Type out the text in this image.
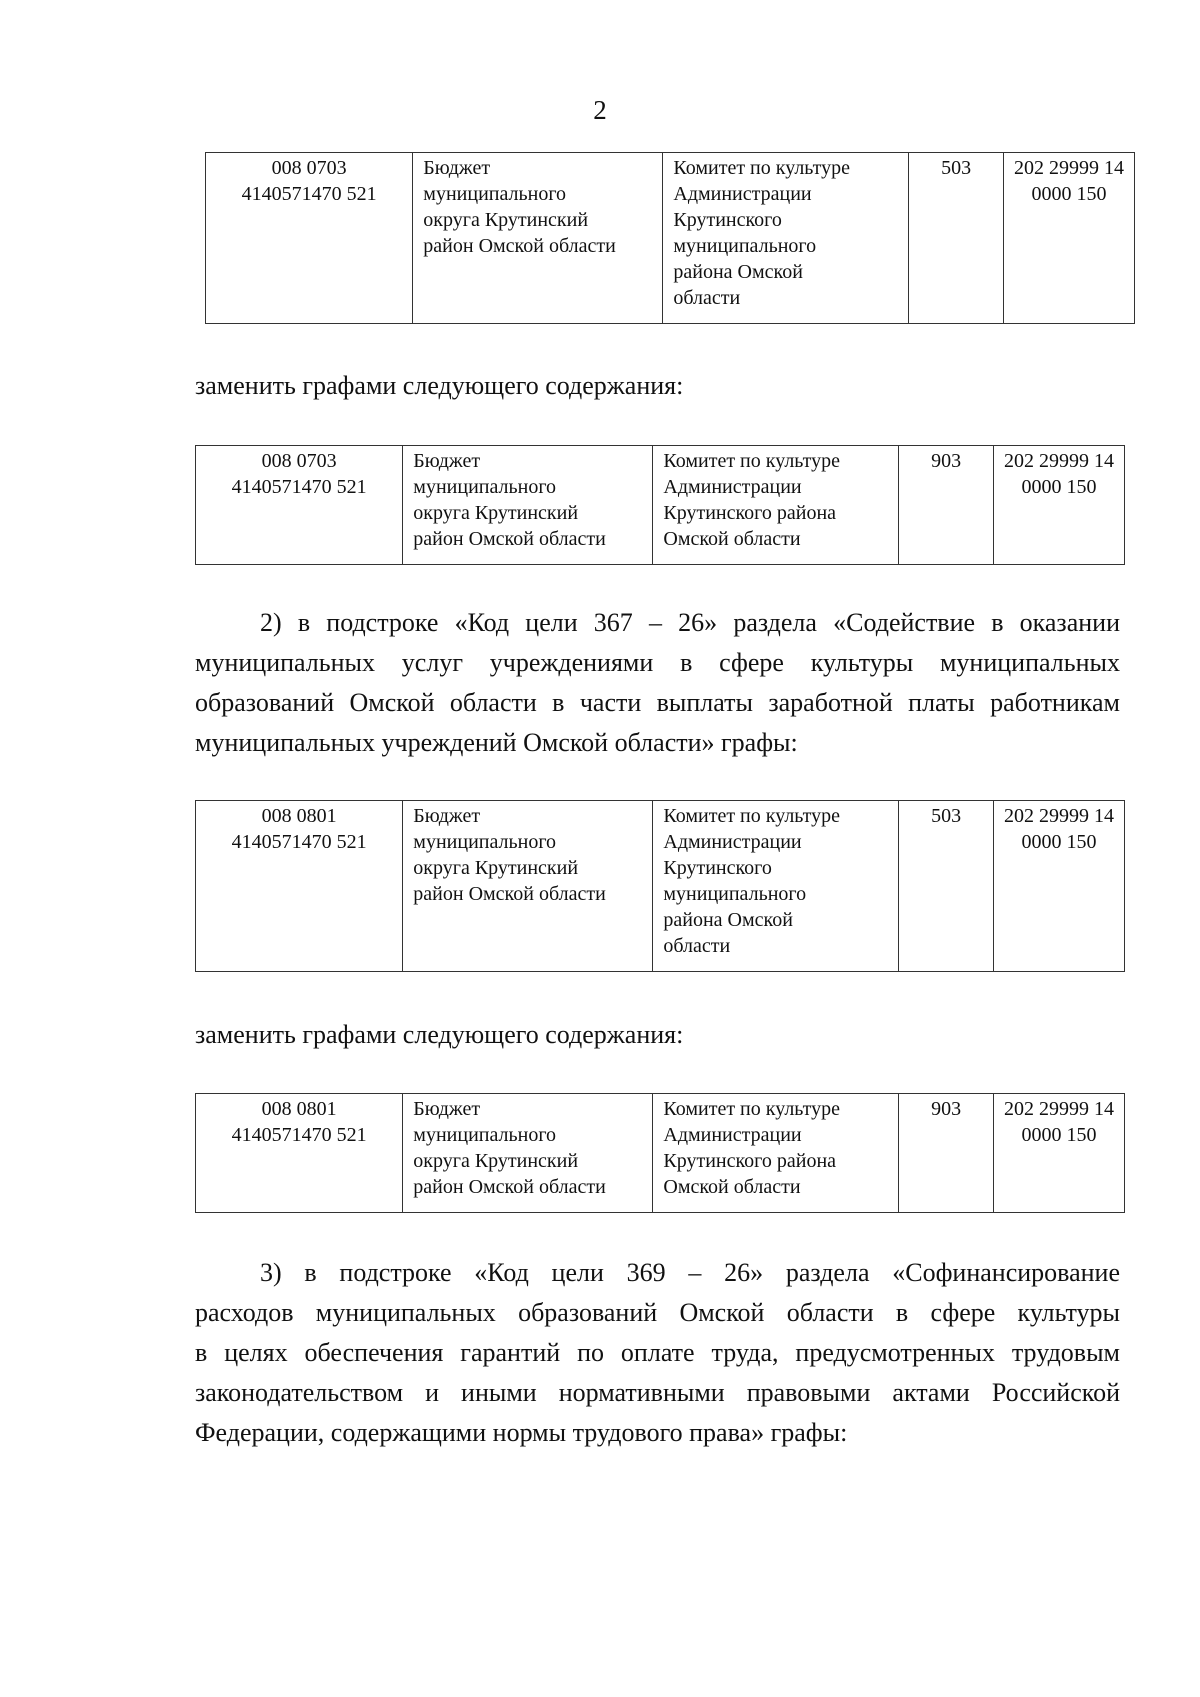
2
008 0703
4140571470 521

Бюджет
муниципального
округа Крутинский
район Омской области

Комитет по культуре
Администрации
Крутинского
муниципального
района Омской
области
	503	202 29999 14
0000 150
заменить графами следующего содержания:
008 0703
4140571470 521

Бюджет
муниципального
округа Крутинский
район Омской области

Комитет по культуре
Администрации
Крутинского района
Омской области
	903	202 29999 14
0000 150
2) в подстроке «Код цели 367 – 26» раздела «Содействие в оказании
муниципальных услуг учреждениями в сфере культуры муниципальных
образований Омской области в части выплаты заработной платы работникам
муниципальных учреждений Омской области» графы:
008 0801
4140571470 521

Бюджет
муниципального
округа Крутинский
район Омской области

Комитет по культуре
Администрации
Крутинского
муниципального
района Омской
области
	503	202 29999 14
0000 150
заменить графами следующего содержания:
008 0801
4140571470 521

Бюджет
муниципального
округа Крутинский
район Омской области

Комитет по культуре
Администрации
Крутинского района
Омской области
	903	202 29999 14
0000 150
3) в подстроке «Код цели 369 – 26» раздела «Софинансирование
расходов муниципальных образований Омской области в сфере культуры
в целях обеспечения гарантий по оплате труда, предусмотренных трудовым
законодательством и иными нормативными правовыми актами Российской
Федерации, содержащими нормы трудового права» графы:
